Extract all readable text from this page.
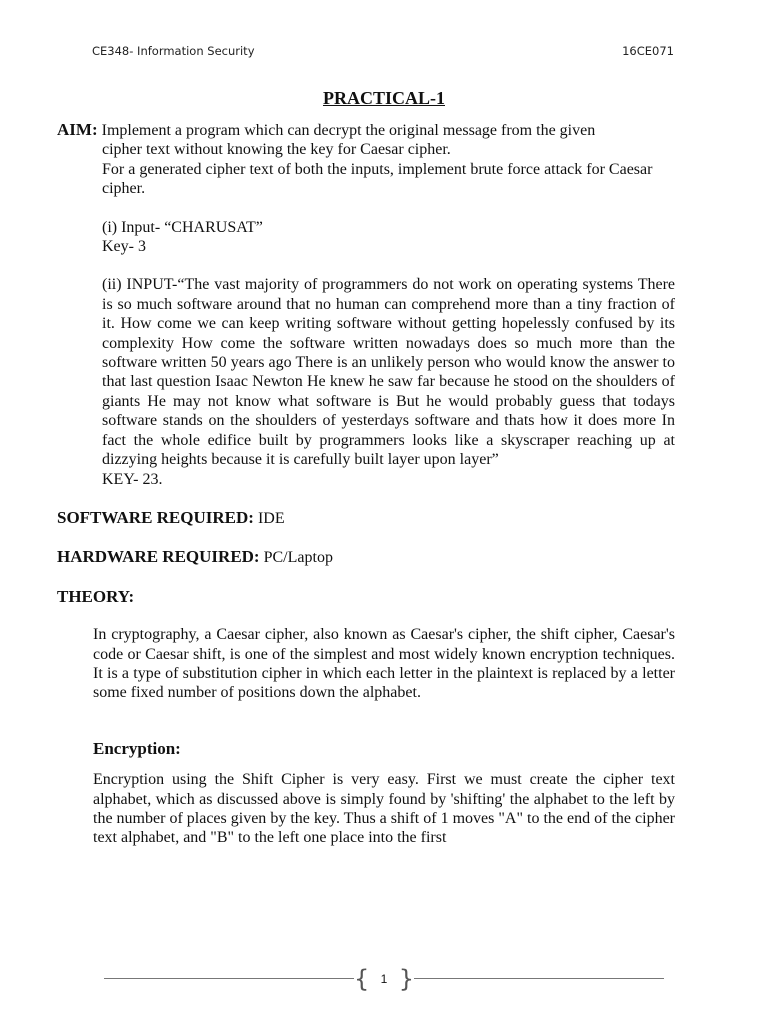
CE348- Information Security	16CE071
PRACTICAL-1

AIM: Implement a program which can decrypt the original message from the given

cipher text without knowing the key for Caesar cipher.

For a generated cipher text of both the inputs, implement brute force attack for Caesar cipher.

(i) Input- “CHARUSAT”

Key- 3

(ii) INPUT-“The vast majority of programmers do not work on operating systems There is so much software around that no human can comprehend more than a tiny fraction of it. How come we can keep writing software without getting hopelessly confused by its complexity How come the software written nowadays does so much more than the software written 50 years ago There is an unlikely person who would know the answer to that last question Isaac Newton He knew he saw far because he stood on the shoulders of giants He may not know what software is But he would probably guess that todays software stands on the shoulders of yesterdays software and thats how it does more In fact the whole edifice built by programmers looks like a skyscraper reaching up at dizzying heights because it is carefully built layer upon layer”

KEY- 23.

SOFTWARE REQUIRED: IDE

HARDWARE REQUIRED: PC/Laptop

THEORY:

In cryptography, a Caesar cipher, also known as Caesar's cipher, the shift cipher, Caesar's code or Caesar shift, is one of the simplest and most widely known encryption techniques. It is a type of substitution cipher in which each letter in the plaintext is replaced by a letter some fixed number of positions down the alphabet.

Encryption:

Encryption using the Shift Cipher is very easy. First we must create the cipher text alphabet, which as discussed above is simply found by 'shifting' the alphabet to the left by the number of places given by the key. Thus a shift of 1 moves "A" to the end of the cipher text alphabet, and "B" to the left one place into the first

{ 1 }
